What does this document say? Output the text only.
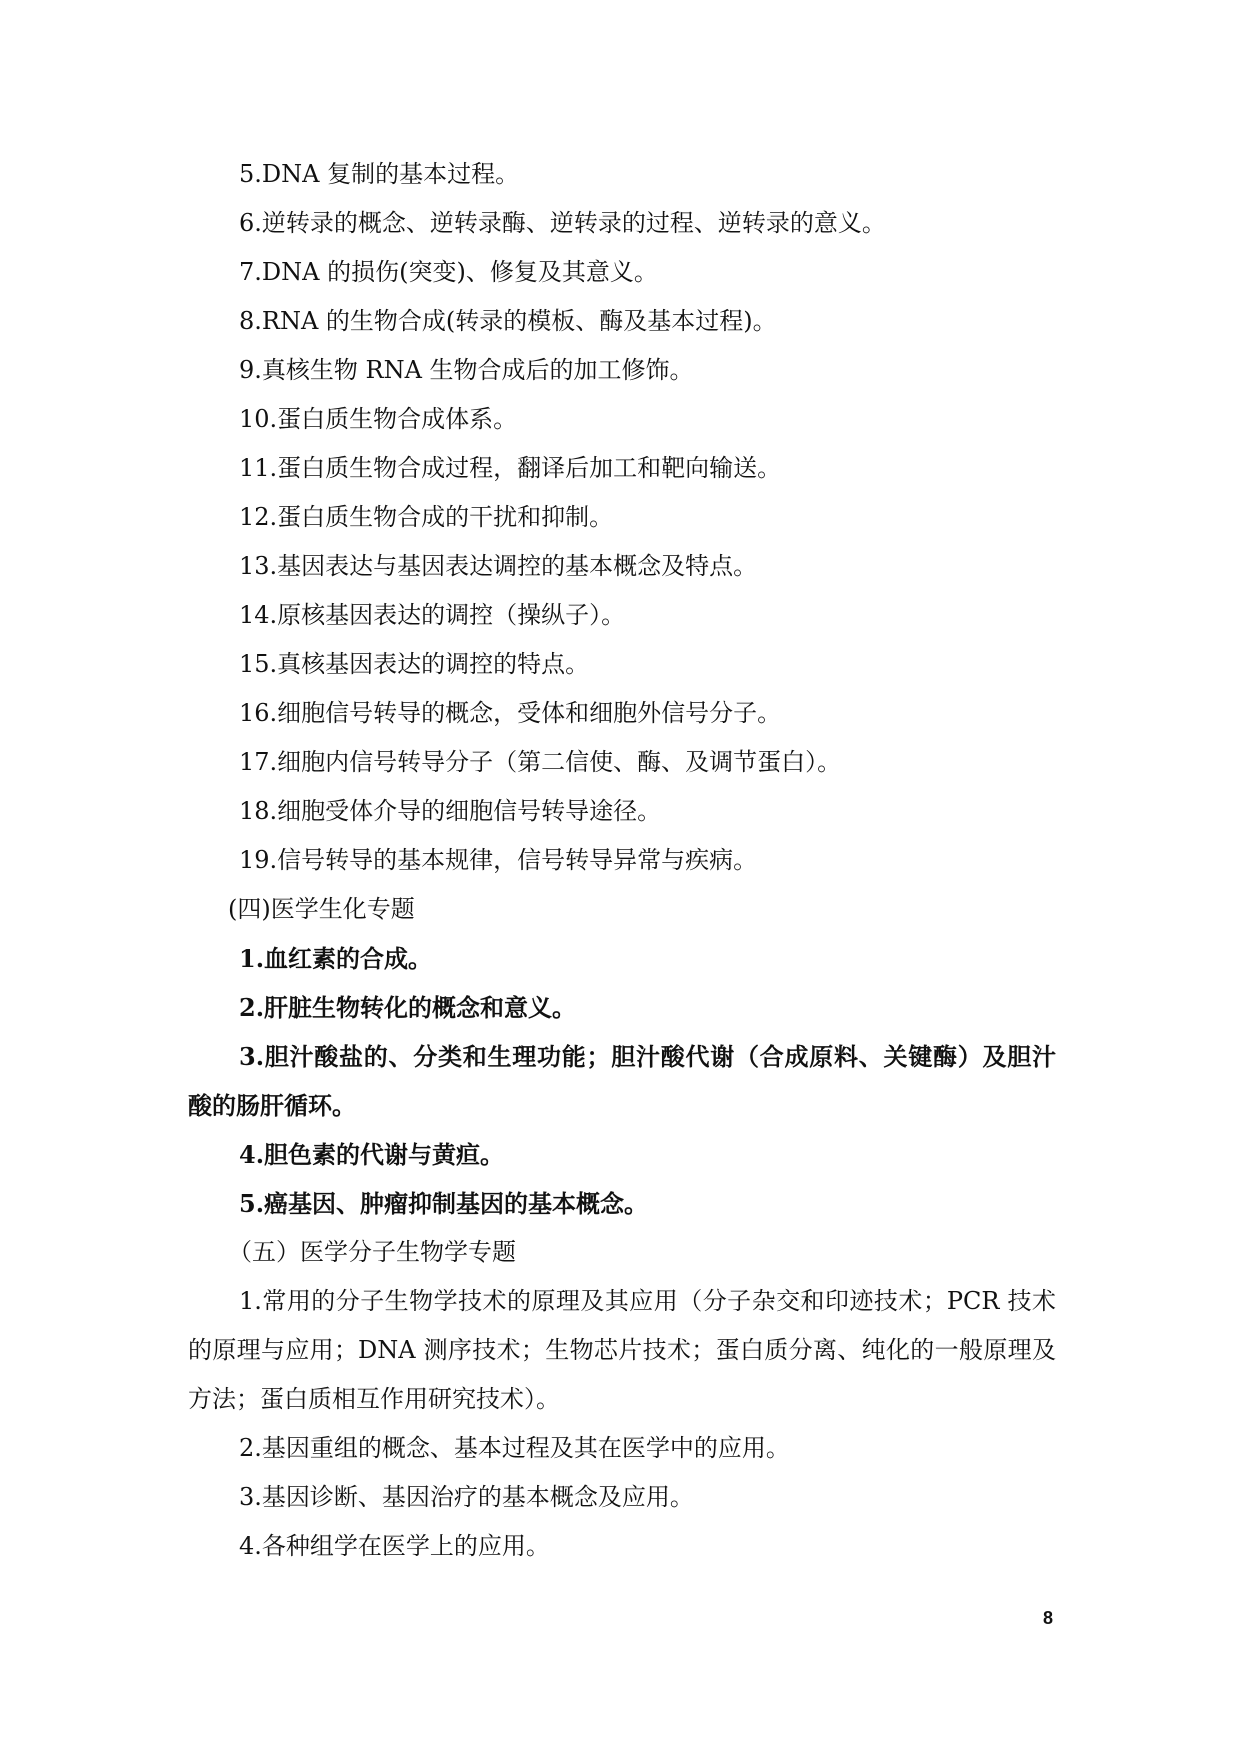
5.DNA 复制的基本过程。

6.逆转录的概念、逆转录酶、逆转录的过程、逆转录的意义。

7.DNA 的损伤(突变)、修复及其意义。

8.RNA 的生物合成(转录的模板、酶及基本过程)。

9.真核生物 RNA 生物合成后的加工修饰。

10.蛋白质生物合成体系。

11.蛋白质生物合成过程，翻译后加工和靶向输送。

12.蛋白质生物合成的干扰和抑制。

13.基因表达与基因表达调控的基本概念及特点。

14.原核基因表达的调控（操纵子）。

15.真核基因表达的调控的特点。

16.细胞信号转导的概念，受体和细胞外信号分子。

17.细胞内信号转导分子（第二信使、酶、及调节蛋白）。

18.细胞受体介导的细胞信号转导途径。

19.信号转导的基本规律，信号转导异常与疾病。

(四)医学生化专题

1.血红素的合成。

2.肝脏生物转化的概念和意义。

3.胆汁酸盐的、分类和生理功能；胆汁酸代谢（合成原料、关键酶）及胆汁酸的肠肝循环。

4.胆色素的代谢与黄疸。

5.癌基因、肿瘤抑制基因的基本概念。

（五）医学分子生物学专题

1.常用的分子生物学技术的原理及其应用（分子杂交和印迹技术；PCR 技术的原理与应用；DNA 测序技术；生物芯片技术；蛋白质分离、纯化的一般原理及方法；蛋白质相互作用研究技术）。

2.基因重组的概念、基本过程及其在医学中的应用。

3.基因诊断、基因治疗的基本概念及应用。

4.各种组学在医学上的应用。

8
